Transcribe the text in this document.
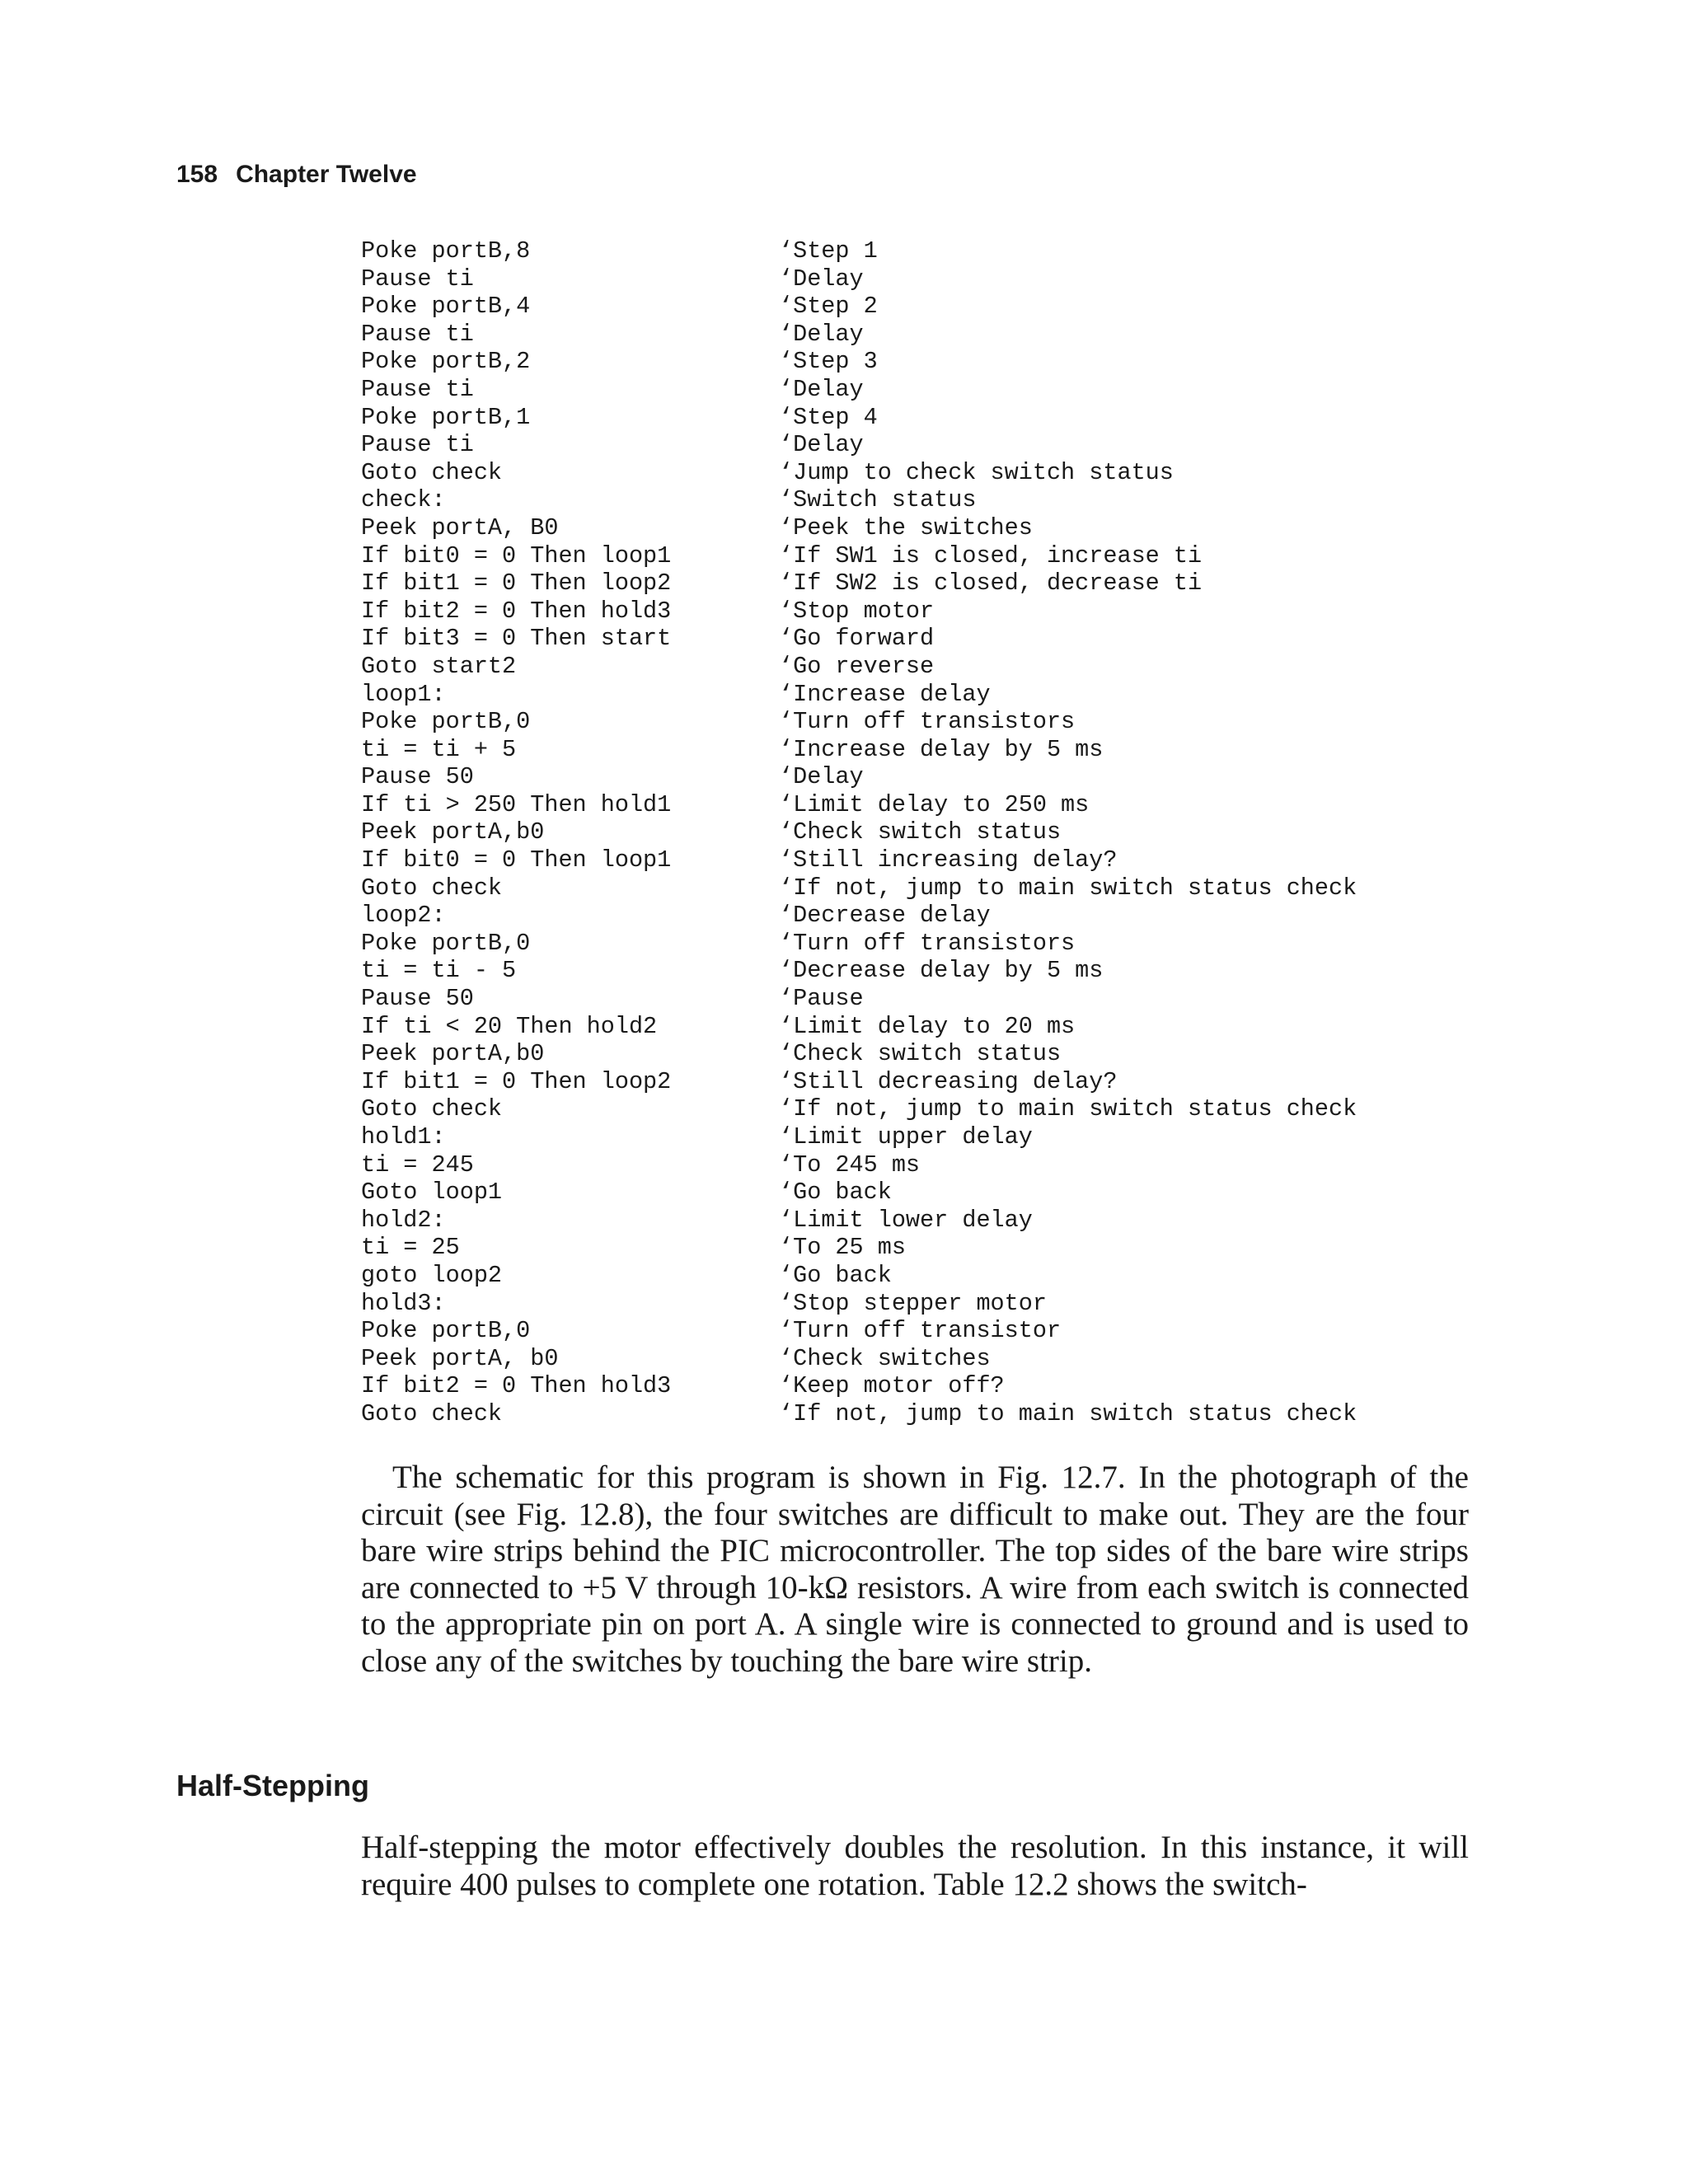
158 Chapter Twelve
Poke portB,8	‘Step 1
Pause ti	‘Delay
Poke portB,4	‘Step 2
Pause ti	‘Delay
Poke portB,2	‘Step 3
Pause ti	‘Delay
Poke portB,1	‘Step 4
Pause ti	‘Delay
Goto check	‘Jump to check switch status
check:	‘Switch status
Peek portA, B0	‘Peek the switches
If bit0 = 0 Then loop1	‘If SW1 is closed, increase ti
If bit1 = 0 Then loop2	‘If SW2 is closed, decrease ti
If bit2 = 0 Then hold3	‘Stop motor
If bit3 = 0 Then start	‘Go forward
Goto start2	‘Go reverse
loop1:	‘Increase delay
Poke portB,0	‘Turn off transistors
ti = ti + 5	‘Increase delay by 5 ms
Pause 50	‘Delay
If ti > 250 Then hold1	‘Limit delay to 250 ms
Peek portA,b0	‘Check switch status
If bit0 = 0 Then loop1	‘Still increasing delay?
Goto check	‘If not, jump to main switch status check
loop2:	‘Decrease delay
Poke portB,0	‘Turn off transistors
ti = ti - 5	‘Decrease delay by 5 ms
Pause 50	‘Pause
If ti < 20 Then hold2	‘Limit delay to 20 ms
Peek portA,b0	‘Check switch status
If bit1 = 0 Then loop2	‘Still decreasing delay?
Goto check	‘If not, jump to main switch status check
hold1:	‘Limit upper delay
ti = 245	‘To 245 ms
Goto loop1	‘Go back
hold2:	‘Limit lower delay
ti = 25	‘To 25 ms
goto loop2	‘Go back
hold3:	‘Stop stepper motor
Poke portB,0	‘Turn off transistor
Peek portA, b0	‘Check switches
If bit2 = 0 Then hold3	‘Keep motor off?
Goto check	‘If not, jump to main switch status check

The schematic for this program is shown in Fig. 12.7. In the photograph of the circuit (see Fig. 12.8), the four switches are difficult to make out. They are the four bare wire strips behind the PIC microcontroller. The top sides of the bare wire strips are connected to +5 V through 10-kΩ resistors. A wire from each switch is connected to the appropriate pin on port A. A single wire is connected to ground and is used to close any of the switches by touching the bare wire strip.

Half-Stepping

Half-stepping the motor effectively doubles the resolution. In this instance, it will require 400 pulses to complete one rotation. Table 12.2 shows the switch-
